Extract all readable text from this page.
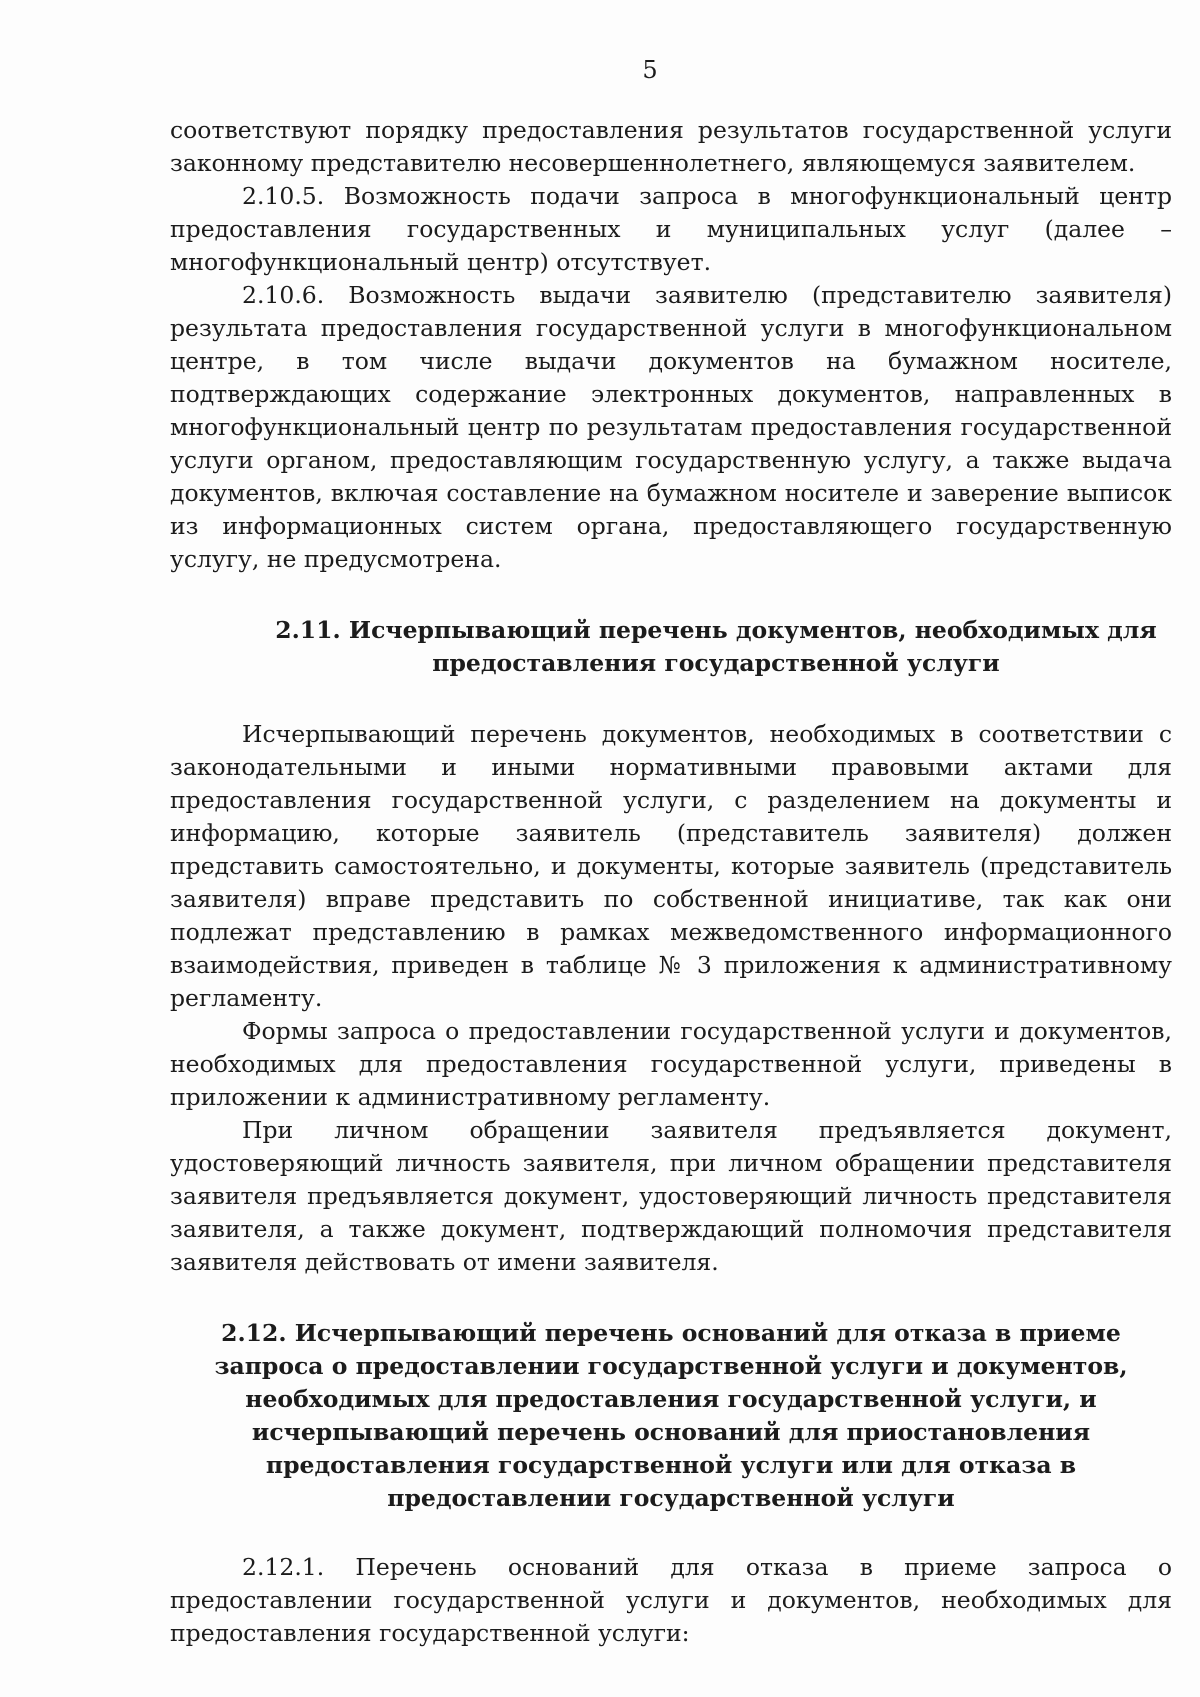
5

соответствуют порядку предоставления результатов государственной услуги законному представителю несовершеннолетнего, являющемуся заявителем.

2.10.5. Возможность подачи запроса в многофункциональный центр предоставления государственных и муниципальных услуг (далее – многофункциональный центр) отсутствует.

2.10.6. Возможность выдачи заявителю (представителю заявителя) результата предоставления государственной услуги в многофункциональном центре, в том числе выдачи документов на бумажном носителе, подтверждающих содержание электронных документов, направленных в многофункциональный центр по результатам предоставления государственной услуги органом, предоставляющим государственную услугу, а также выдача документов, включая составление на бумажном носителе и заверение выписок из информационных систем органа, предоставляющего государственную услугу, не предусмотрена.

2.11. Исчерпывающий перечень документов, необходимых для предоставления государственной услуги

Исчерпывающий перечень документов, необходимых в соответствии с законодательными и иными нормативными правовыми актами для предоставления государственной услуги, с разделением на документы и информацию, которые заявитель (представитель заявителя) должен представить самостоятельно, и документы, которые заявитель (представитель заявителя) вправе представить по собственной инициативе, так как они подлежат представлению в рамках межведомственного информационного взаимодействия, приведен в таблице № 3 приложения к административному регламенту.

Формы запроса о предоставлении государственной услуги и документов, необходимых для предоставления государственной услуги, приведены в приложении к административному регламенту.

При личном обращении заявителя предъявляется документ, удостоверяющий личность заявителя, при личном обращении представителя заявителя предъявляется документ, удостоверяющий личность представителя заявителя, а также документ, подтверждающий полномочия представителя заявителя действовать от имени заявителя.

2.12. Исчерпывающий перечень оснований для отказа в приеме запроса о предоставлении государственной услуги и документов, необходимых для предоставления государственной услуги, и исчерпывающий перечень оснований для приостановления предоставления государственной услуги или для отказа в предоставлении государственной услуги

2.12.1. Перечень оснований для отказа в приеме запроса о предоставлении государственной услуги и документов, необходимых для предоставления государственной услуги:
